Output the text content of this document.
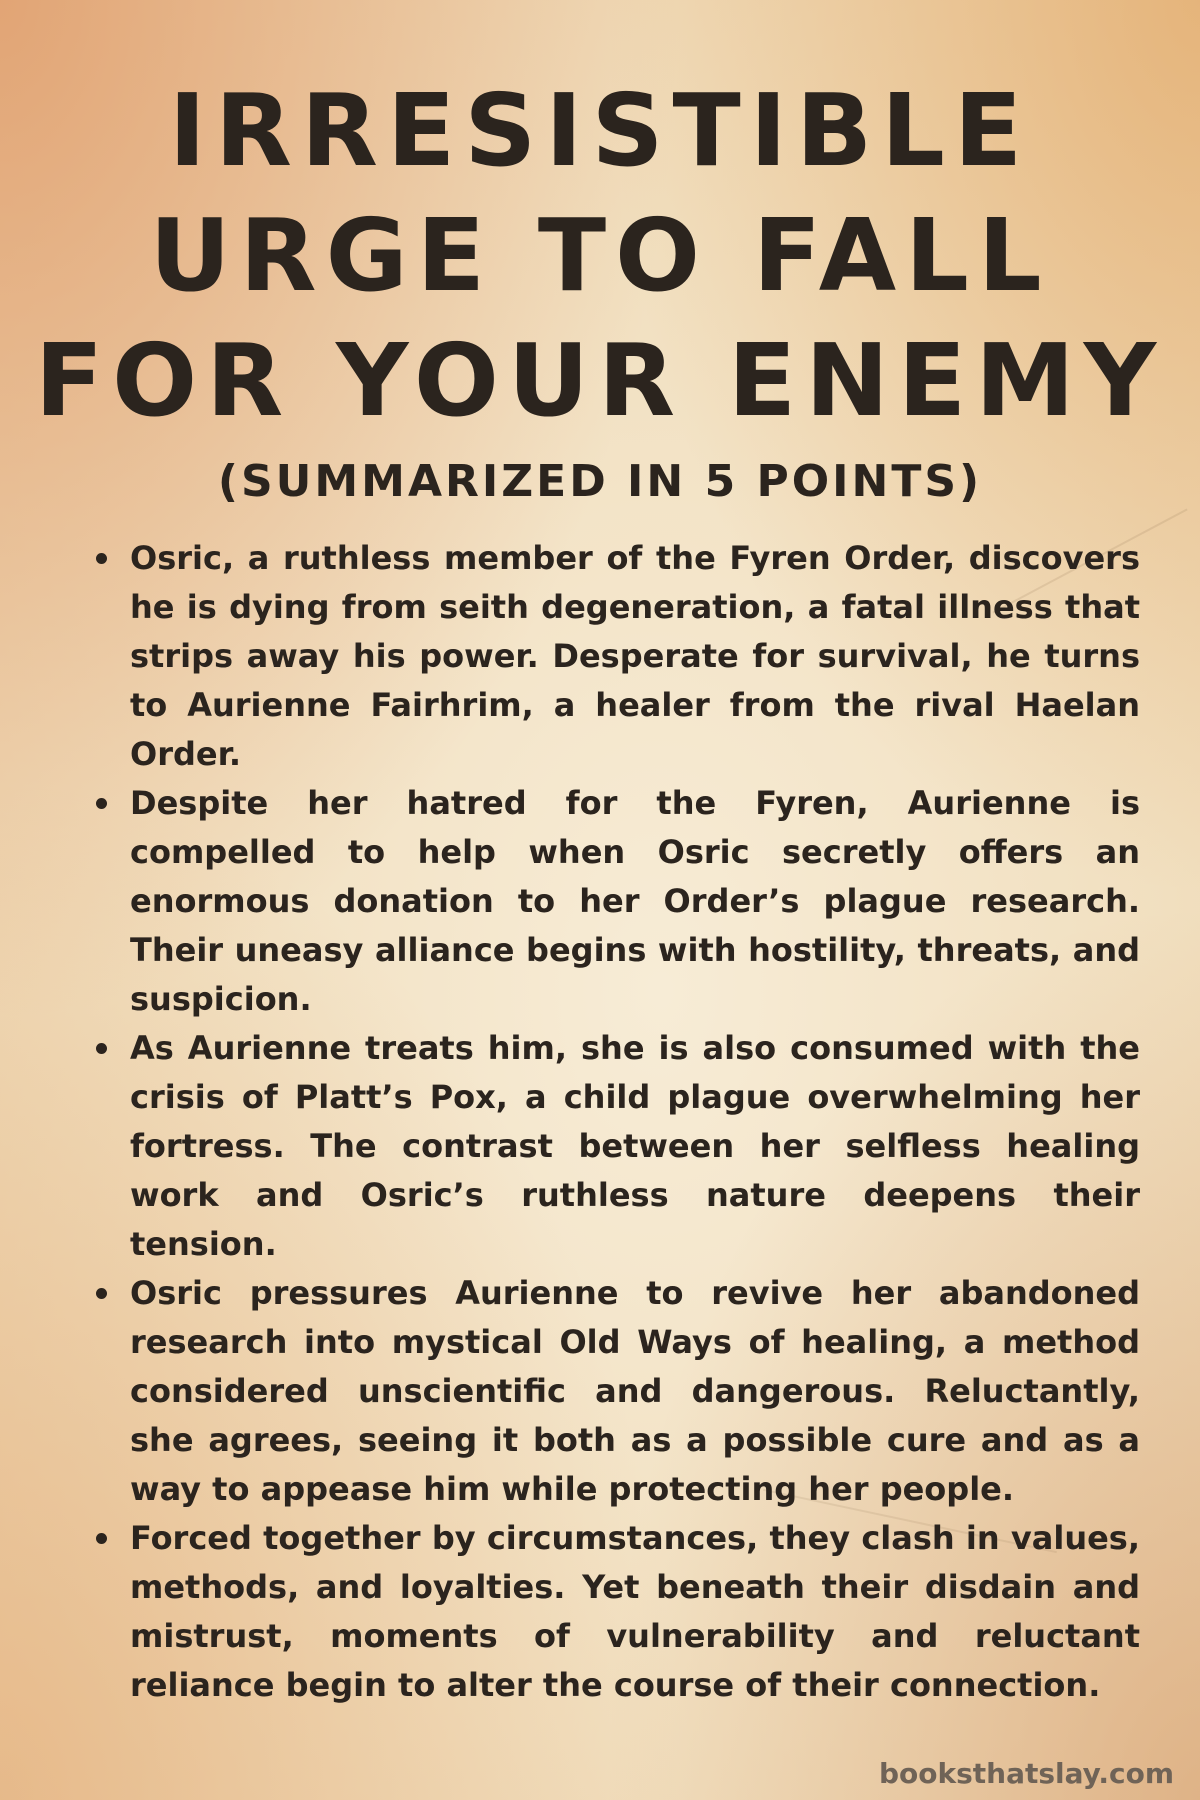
IRRESISTIBLE
URGE TO FALL
FOR YOUR ENEMY
(SUMMARIZED IN 5 POINTS)
Osric, a ruthless member of the Fyren Order, discovers he is dying from seith degeneration, a fatal illness that strips away his power. Desperate for survival, he turns to Aurienne Fairhrim, a healer from the rival Haelan Order.
Despite her hatred for the Fyren, Aurienne is compelled to help when Osric secretly offers an enormous donation to her Order’s plague research. Their uneasy alliance begins with hostility, threats, and suspicion.
As Aurienne treats him, she is also consumed with the crisis of Platt’s Pox, a child plague overwhelming her fortress. The contrast between her selfless healing work and Osric’s ruthless nature deepens their tension.
Osric pressures Aurienne to revive her abandoned research into mystical Old Ways of healing, a method considered unscientific and dangerous. Reluctantly, she agrees, seeing it both as a possible cure and as a way to appease him while protecting her people.
Forced together by circumstances, they clash in values, methods, and loyalties. Yet beneath their disdain and mistrust, moments of vulnerability and reluctant reliance begin to alter the course of their connection.
booksthatslay.com
